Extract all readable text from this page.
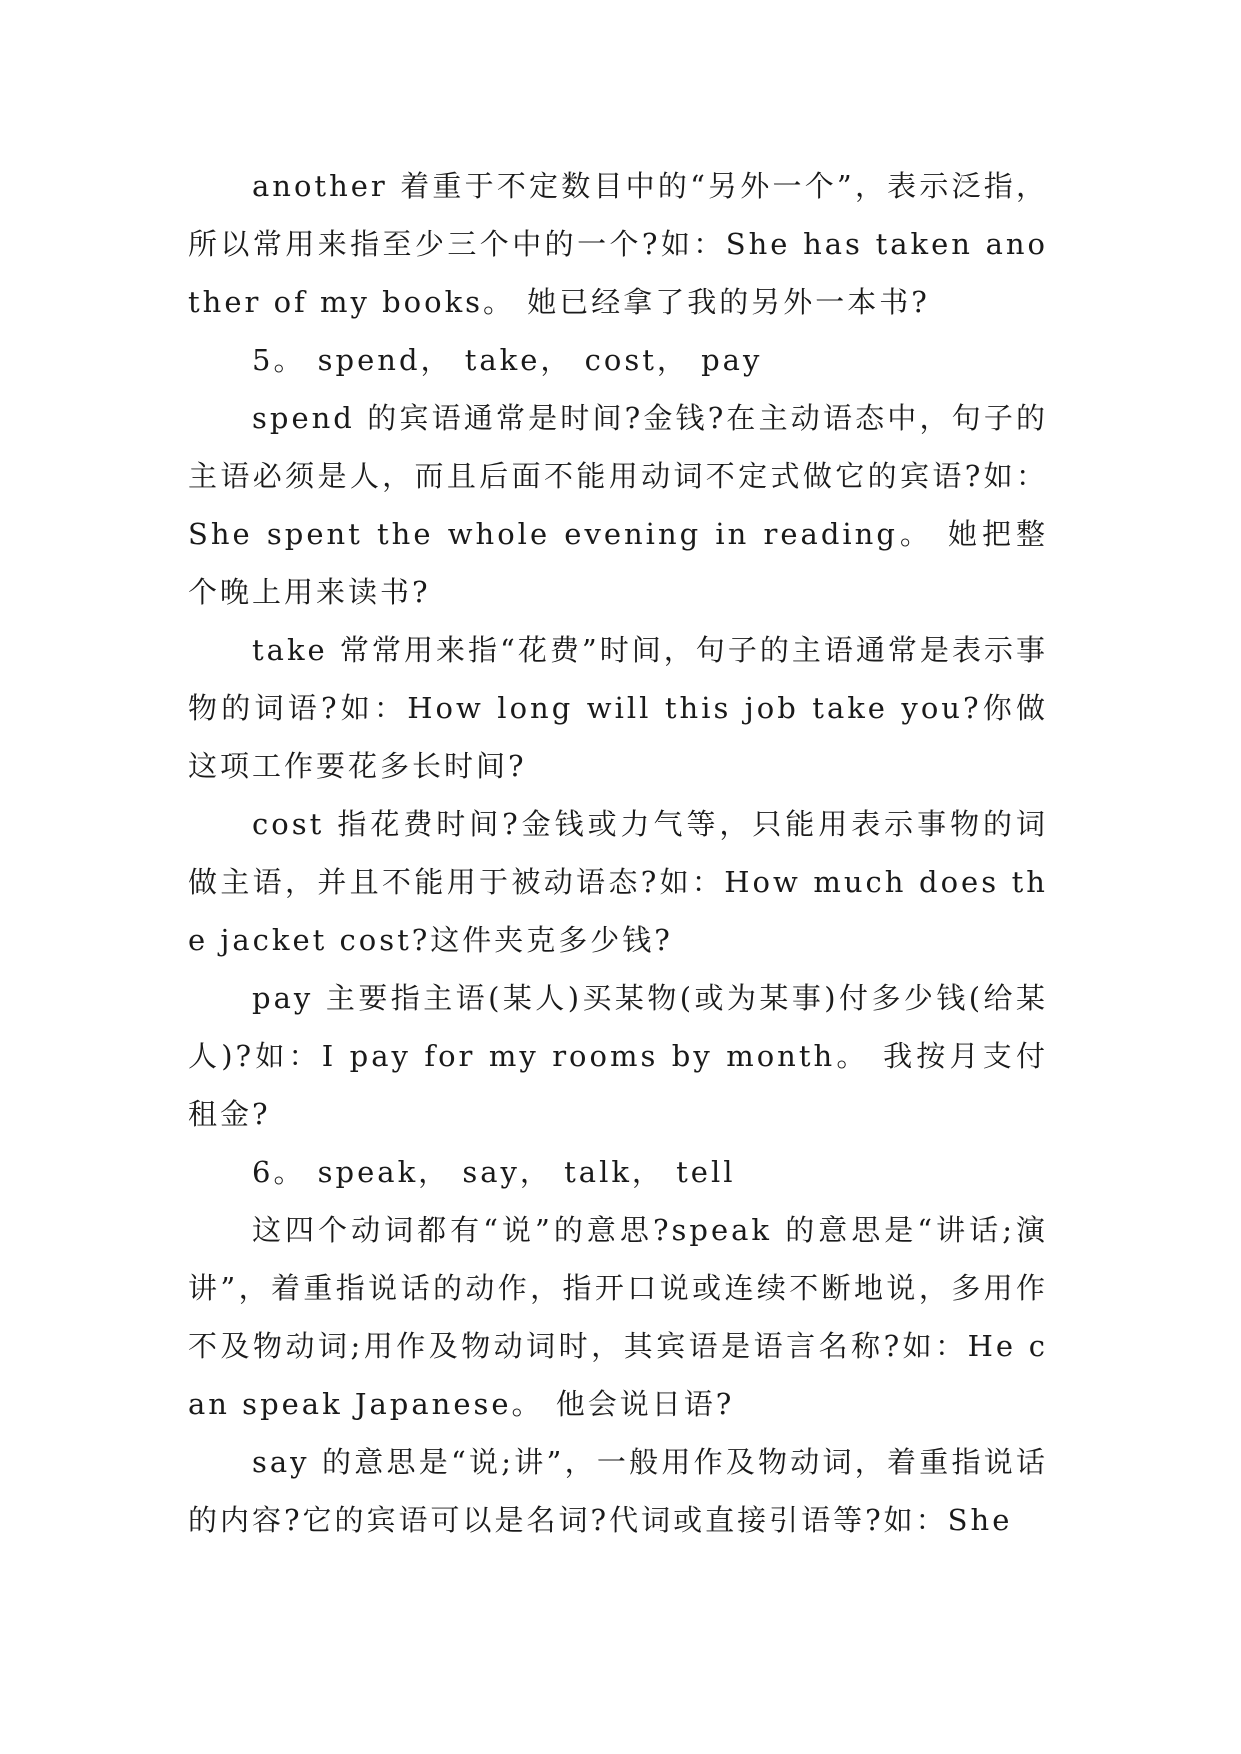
another 着重于不定数目中的“另外一个”，表示泛指，所以常用来指至少三个中的一个?如：She has taken another of my books。 她已经拿了我的另外一本书?

5。 spend， take， cost， pay

spend 的宾语通常是时间?金钱?在主动语态中，句子的主语必须是人，而且后面不能用动词不定式做它的宾语?如：She spent the whole evening in reading。 她把整个晚上用来读书?

take 常常用来指“花费”时间，句子的主语通常是表示事物的词语?如：How long will this job take you?你做这项工作要花多长时间?

cost 指花费时间?金钱或力气等，只能用表示事物的词做主语，并且不能用于被动语态?如：How much does the jacket cost?这件夹克多少钱?

pay 主要指主语(某人)买某物(或为某事)付多少钱(给某人)?如：I pay for my rooms by month。 我按月支付租金?

6。 speak， say， talk， tell

这四个动词都有“说”的意思?speak 的意思是“讲话;演讲”，着重指说话的动作，指开口说或连续不断地说，多用作不及物动词;用作及物动词时，其宾语是语言名称?如：He can speak Japanese。 他会说日语?

say 的意思是“说;讲”，一般用作及物动词，着重指说话的内容?它的宾语可以是名词?代词或直接引语等?如：She
